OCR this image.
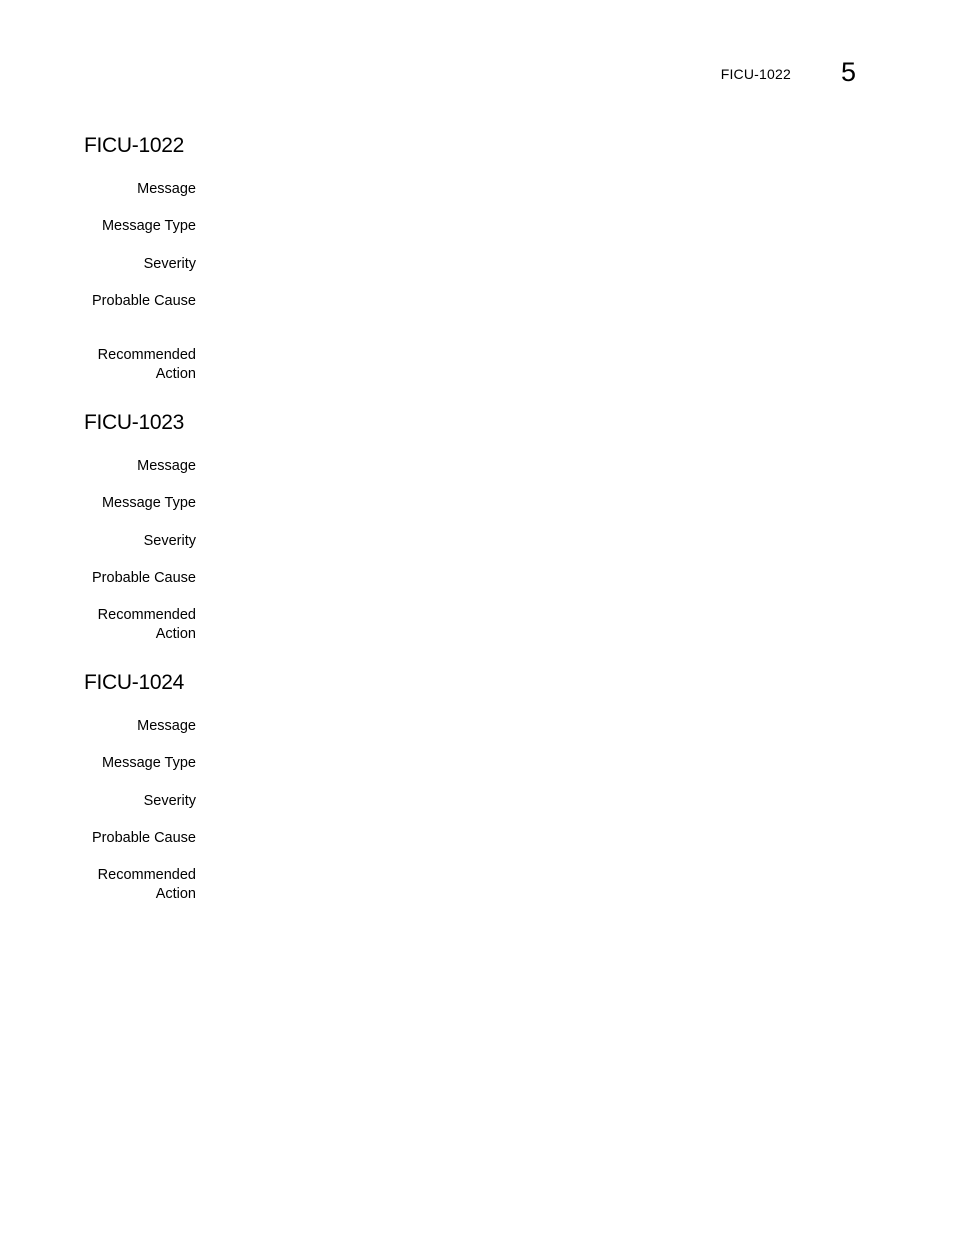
FICU-1022 5
FICU-1022
Message
Message Type
Severity
Probable Cause
Recommended
Action
FICU-1023
Message
Message Type
Severity
Probable Cause
Recommended
Action
FICU-1024
Message
Message Type
Severity
Probable Cause
Recommended
Action
